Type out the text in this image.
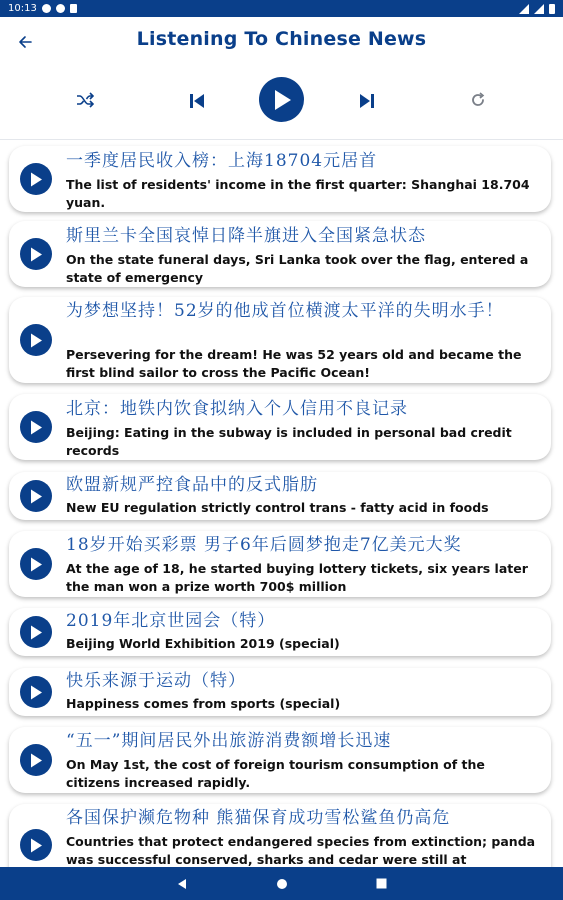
10:13
Listening To Chinese News
一季度居民收入榜：上海18704元居首
The list of residents' income in the first quarter: Shanghai 18.704 yuan.
斯里兰卡全国哀悼日降半旗进入全国紧急状态
On the state funeral days, Sri Lanka took over the flag, entered a state of emergency
为梦想坚持！52岁的他成首位横渡太平洋的失明水手！
Persevering for the dream! He was 52 years old and became the first blind sailor to cross the Pacific Ocean!
北京：地铁内饮食拟纳入个人信用不良记录
Beijing: Eating in the subway is included in personal bad credit records
欧盟新规严控食品中的反式脂肪
New EU regulation strictly control trans - fatty acid in foods
18岁开始买彩票 男子6年后圆梦抱走7亿美元大奖
At the age of 18, he started buying lottery tickets, six years later the man won a prize worth 700$ million
2019年北京世园会（特）
Beijing World Exhibition 2019 (special)
快乐来源于运动（特）
Happiness comes from sports (special)
“五一”期间居民外出旅游消费额增长迅速
On May 1st, the cost of foreign tourism consumption of the citizens increased rapidly.
各国保护濒危物种 熊猫保育成功雪松鲨鱼仍高危
Countries that protect endangered species from extinction; panda was successful conserved, sharks and cedar were still at
